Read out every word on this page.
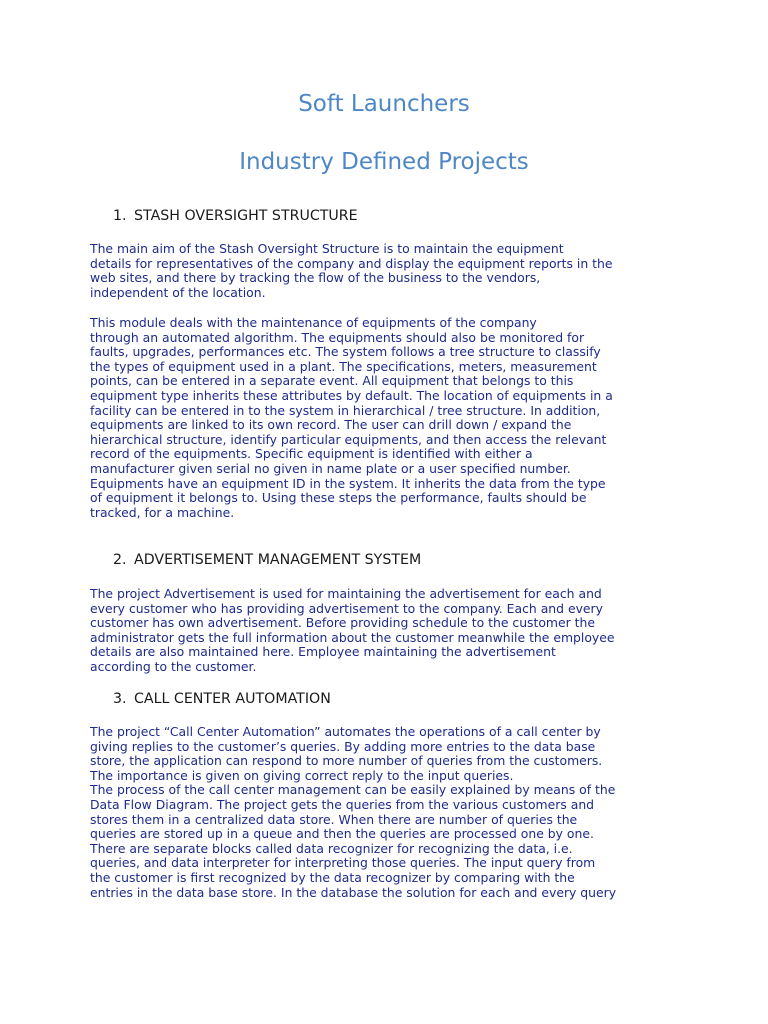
Soft Launchers
Industry Defined Projects
1. STASH OVERSIGHT STRUCTURE
The main aim of the Stash Oversight Structure is to maintain the equipment
details for representatives of the company and display the equipment reports in the
web sites, and there by tracking the flow of the business to the vendors,
independent of the location.
This module deals with the maintenance of equipments of the company
through an automated algorithm. The equipments should also be monitored for
faults, upgrades, performances etc. The system follows a tree structure to classify
the types of equipment used in a plant. The specifications, meters, measurement
points, can be entered in a separate event. All equipment that belongs to this
equipment type inherits these attributes by default. The location of equipments in a
facility can be entered in to the system in hierarchical / tree structure. In addition,
equipments are linked to its own record. The user can drill down / expand the
hierarchical structure, identify particular equipments, and then access the relevant
record of the equipments. Specific equipment is identified with either a
manufacturer given serial no given in name plate or a user specified number.
Equipments have an equipment ID in the system. It inherits the data from the type
of equipment it belongs to. Using these steps the performance, faults should be
tracked, for a machine.
2. ADVERTISEMENT MANAGEMENT SYSTEM
The project Advertisement is used for maintaining the advertisement for each and
every customer who has providing advertisement to the company. Each and every
customer has own advertisement. Before providing schedule to the customer the
administrator gets the full information about the customer meanwhile the employee
details are also maintained here. Employee maintaining the advertisement
according to the customer.
3. CALL CENTER AUTOMATION
The project “Call Center Automation” automates the operations of a call center by
giving replies to the customer’s queries. By adding more entries to the data base
store, the application can respond to more number of queries from the customers.
The importance is given on giving correct reply to the input queries.
The process of the call center management can be easily explained by means of the
Data Flow Diagram. The project gets the queries from the various customers and
stores them in a centralized data store. When there are number of queries the
queries are stored up in a queue and then the queries are processed one by one.
There are separate blocks called data recognizer for recognizing the data, i.e.
queries, and data interpreter for interpreting those queries. The input query from
the customer is first recognized by the data recognizer by comparing with the
entries in the data base store. In the database the solution for each and every query
